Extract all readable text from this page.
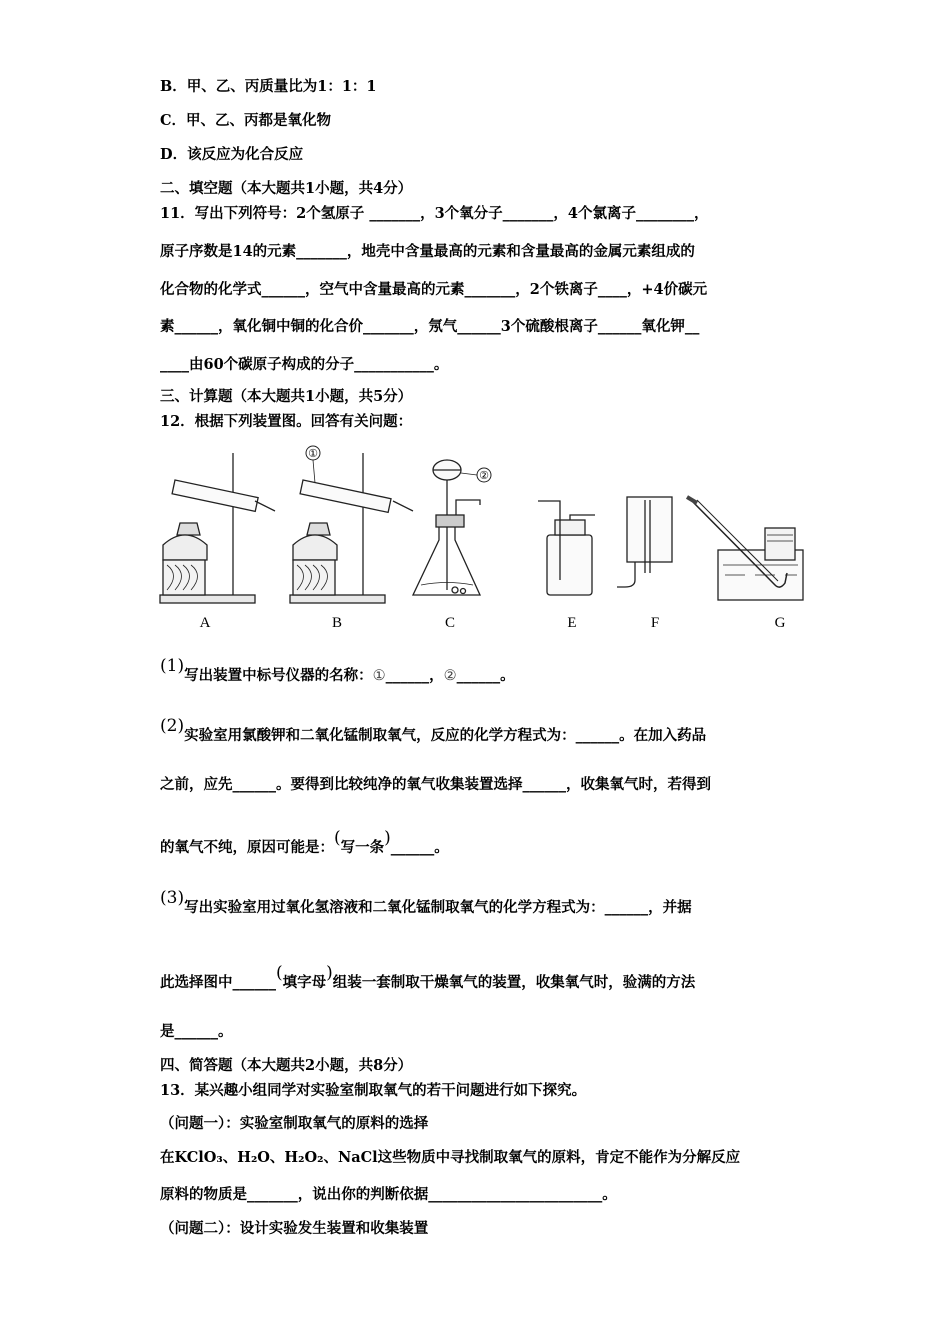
B．甲、乙、丙质量比为1：1：1
C．甲、乙、丙都是氧化物
D．该反应为化合反应
二、填空题（本大题共1小题，共4分）
11．写出下列符号：2个氢原子 _______，3个氧分子_______，4个氯离子________，
原子序数是14的元素_______，地壳中含量最高的元素和含量最高的金属元素组成的
化合物的化学式______，空气中含量最高的元素_______，2个铁离子____，+4价碳元
素______，氧化铜中铜的化合价_______，氖气______3个硫酸根离子______氧化钾__
____由60个碳原子构成的分子___________。
三、计算题（本大题共1小题，共5分）
12．根据下列装置图。回答有关问题：
A
①
B
②
C	E	F	G
(1)写出装置中标号仪器的名称：①______，②______。
(2)实验室用氯酸钾和二氧化锰制取氧气，反应的化学方程式为：______。在加入药品
之前，应先______。要得到比较纯净的氧气收集装置选择______，收集氧气时，若得到
的氧气不纯，原因可能是：(写一条)______。
(3)写出实验室用过氧化氢溶液和二氧化锰制取氧气的化学方程式为：______，并据
此选择图中______(填字母)组装一套制取干燥氧气的装置，收集氧气时，验满的方法
是______。
四、简答题（本大题共2小题，共8分）
13．某兴趣小组同学对实验室制取氧气的若干问题进行如下探究。
（问题一）：实验室制取氧气的原料的选择
在KClO₃、H₂O、H₂O₂、NaCl这些物质中寻找制取氧气的原料，肯定不能作为分解反应
原料的物质是_______，说出你的判断依据________________________。
（问题二）：设计实验发生装置和收集装置
